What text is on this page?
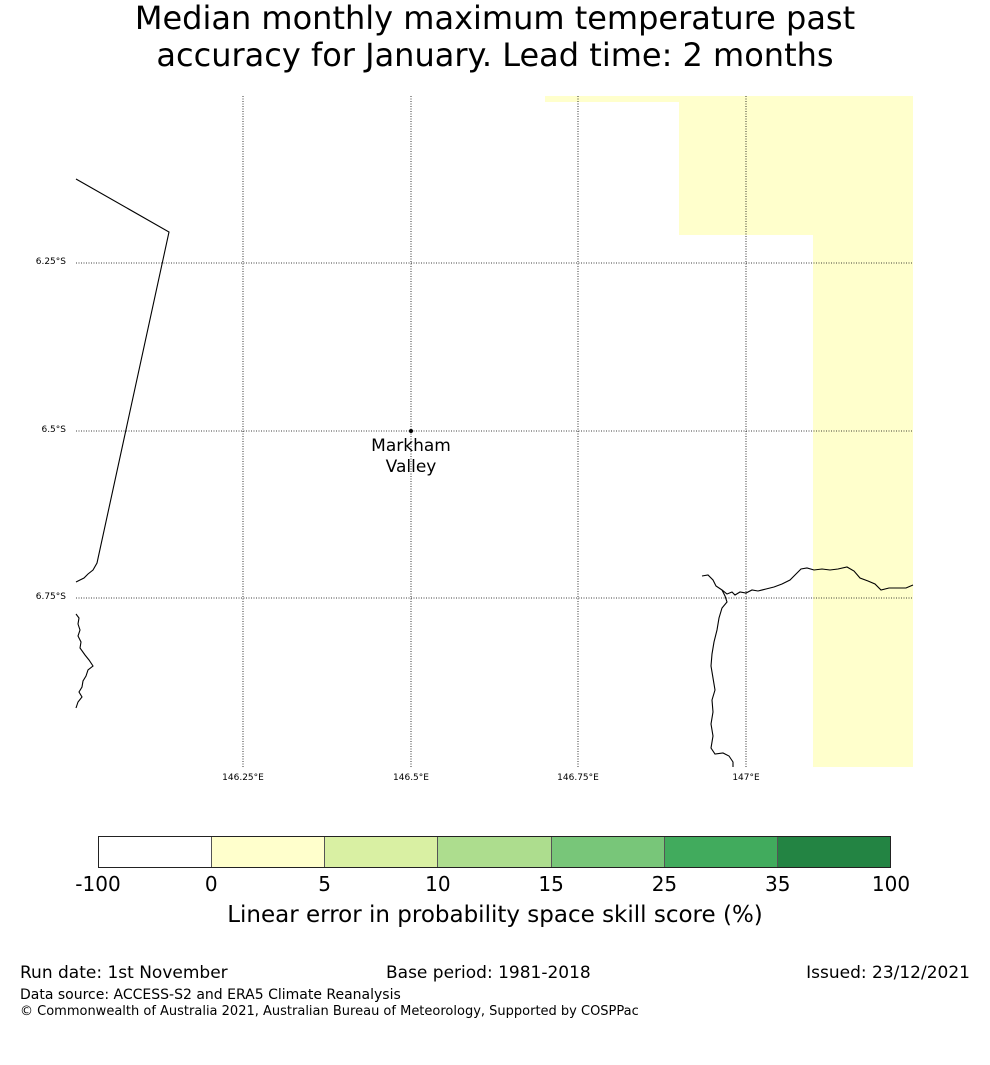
Median monthly maximum temperature past
accuracy for January. Lead time: 2 months
6.25°S
6.5°S
6.75°S
146.25°E	146.5°E	146.75°E	147°E
Markham
Valley
-100	0	5	10	15	25	35	100
Linear error in probability space skill score (%)
Run date: 1st November	Base period: 1981-2018	Issued: 23/12/2021
Data source: ACCESS-S2 and ERA5 Climate Reanalysis
© Commonwealth of Australia 2021, Australian Bureau of Meteorology, Supported by COSPPac
